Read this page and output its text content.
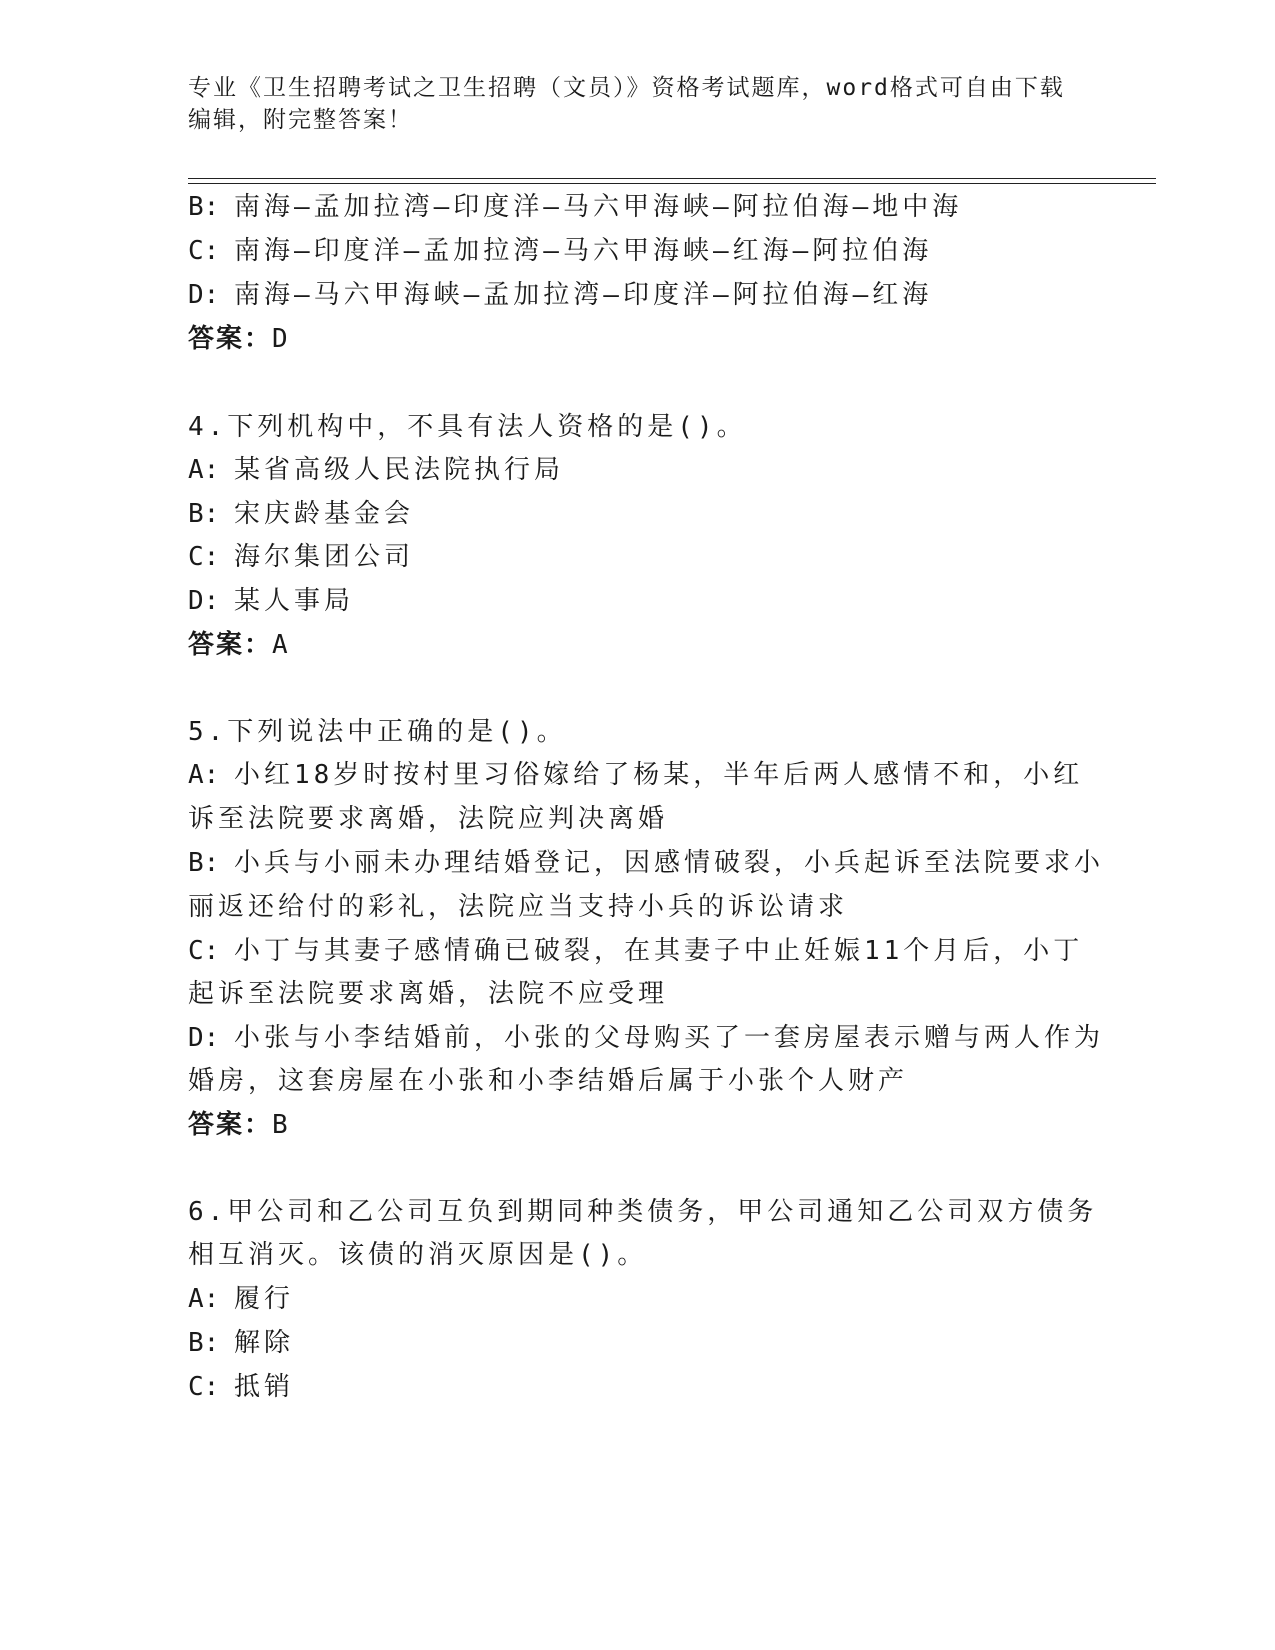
专业《卫生招聘考试之卫生招聘（文员）》资格考试题库，word格式可自由下载
编辑，附完整答案！
B: 南海—孟加拉湾—印度洋—马六甲海峡—阿拉伯海—地中海
C: 南海—印度洋—孟加拉湾—马六甲海峡—红海—阿拉伯海
D: 南海—马六甲海峡—孟加拉湾—印度洋—阿拉伯海—红海
答案：D
4.下列机构中，不具有法人资格的是()。
A: 某省高级人民法院执行局
B: 宋庆龄基金会
C: 海尔集团公司
D: 某人事局
答案：A
5.下列说法中正确的是()。
A: 小红18岁时按村里习俗嫁给了杨某，半年后两人感情不和，小红
诉至法院要求离婚，法院应判决离婚
B: 小兵与小丽未办理结婚登记，因感情破裂，小兵起诉至法院要求小
丽返还给付的彩礼，法院应当支持小兵的诉讼请求
C: 小丁与其妻子感情确已破裂，在其妻子中止妊娠11个月后，小丁
起诉至法院要求离婚，法院不应受理
D: 小张与小李结婚前，小张的父母购买了一套房屋表示赠与两人作为
婚房，这套房屋在小张和小李结婚后属于小张个人财产
答案：B
6.甲公司和乙公司互负到期同种类债务，甲公司通知乙公司双方债务
相互消灭。该债的消灭原因是()。
A: 履行
B: 解除
C: 抵销
